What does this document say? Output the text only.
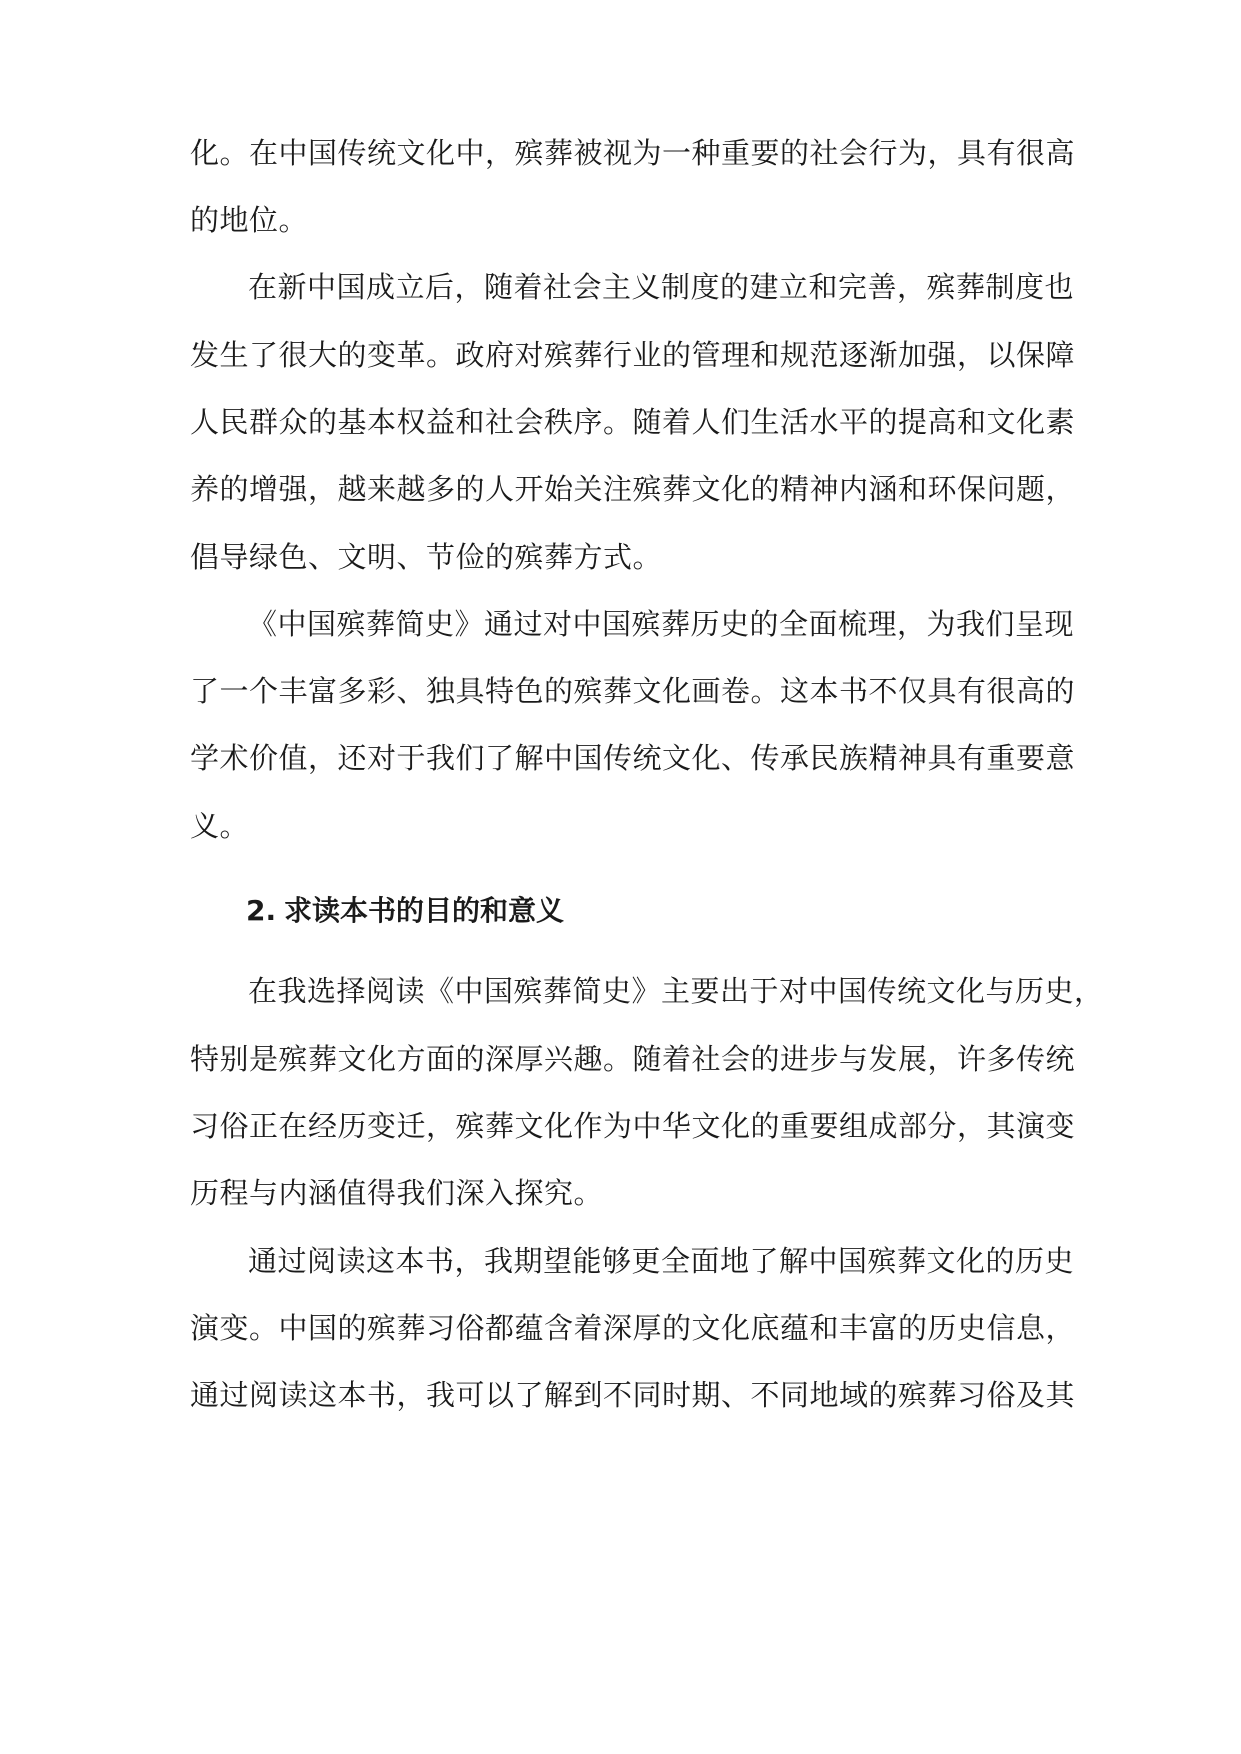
化。在中国传统文化中，殡葬被视为一种重要的社会行为，具有很高
的地位。
在新中国成立后，随着社会主义制度的建立和完善，殡葬制度也
发生了很大的变革。政府对殡葬行业的管理和规范逐渐加强，以保障
人民群众的基本权益和社会秩序。随着人们生活水平的提高和文化素
养的增强，越来越多的人开始关注殡葬文化的精神内涵和环保问题，
倡导绿色、文明、节俭的殡葬方式。
《中国殡葬简史》通过对中国殡葬历史的全面梳理，为我们呈现
了一个丰富多彩、独具特色的殡葬文化画卷。这本书不仅具有很高的
学术价值，还对于我们了解中国传统文化、传承民族精神具有重要意
义。
2. 求读本书的目的和意义
在我选择阅读《中国殡葬简史》主要出于对中国传统文化与历史，
特别是殡葬文化方面的深厚兴趣。随着社会的进步与发展，许多传统
习俗正在经历变迁，殡葬文化作为中华文化的重要组成部分，其演变
历程与内涵值得我们深入探究。
通过阅读这本书，我期望能够更全面地了解中国殡葬文化的历史
演变。中国的殡葬习俗都蕴含着深厚的文化底蕴和丰富的历史信息，
通过阅读这本书，我可以了解到不同时期、不同地域的殡葬习俗及其
